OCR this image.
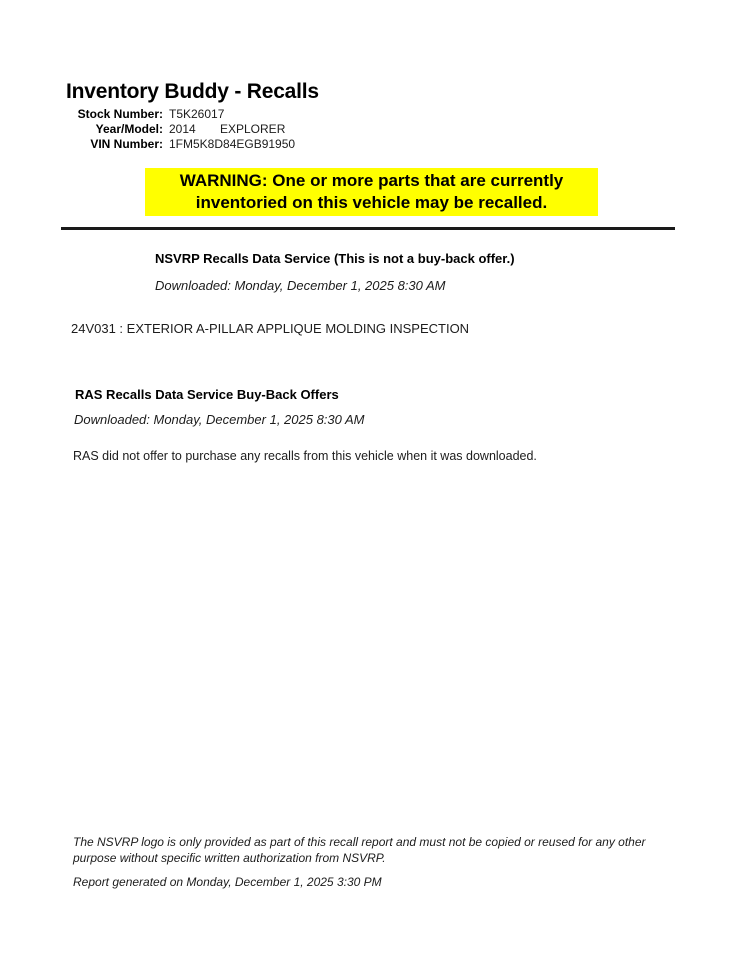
Inventory Buddy - Recalls
Stock Number: T5K26017
Year/Model: 2014	EXPLORER
VIN Number: 1FM5K8D84EGB91950
WARNING: One or more parts that are currently inventoried on this vehicle may be recalled.
NSVRP Recalls Data Service (This is not a buy-back offer.)
Downloaded: Monday, December 1, 2025 8:30 AM
24V031 : EXTERIOR A-PILLAR APPLIQUE MOLDING INSPECTION
RAS Recalls Data Service Buy-Back Offers
Downloaded: Monday, December 1, 2025 8:30 AM
RAS did not offer to purchase any recalls from this vehicle when it was downloaded.
The NSVRP logo is only provided as part of this recall report and must not be copied or reused for any other purpose without specific written authorization from NSVRP.
Report generated on Monday, December 1, 2025 3:30 PM
